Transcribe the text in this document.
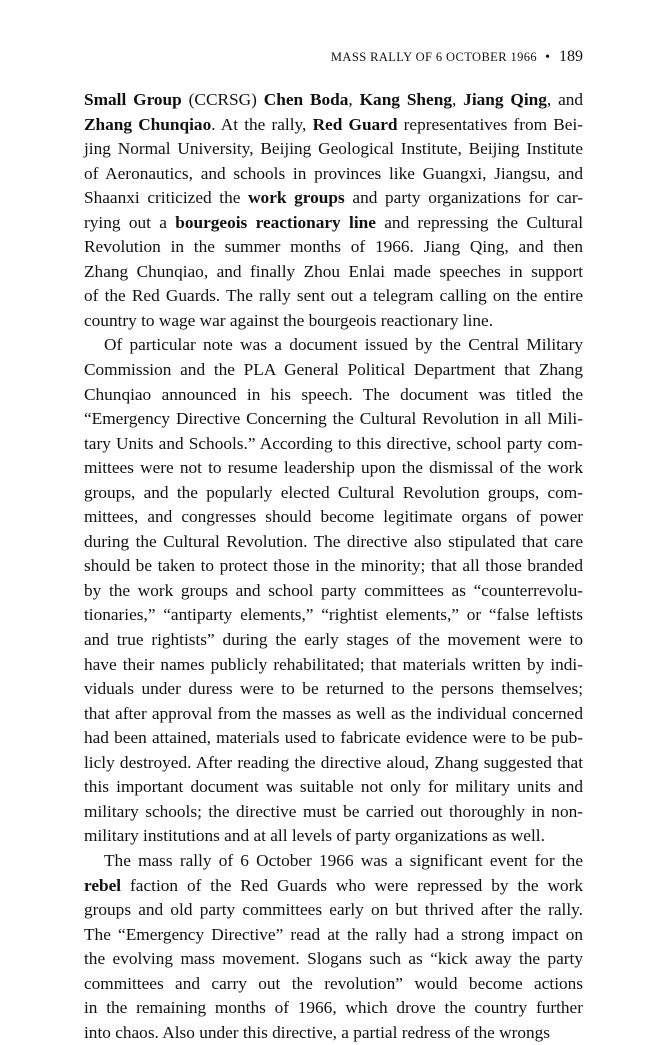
MASS RALLY OF 6 OCTOBER 1966 • 189
Small Group (CCRSG) Chen Boda, Kang Sheng, Jiang Qing, and
Zhang Chunqiao. At the rally, Red Guard representatives from Bei-
jing Normal University, Beijing Geological Institute, Beijing Institute
of Aeronautics, and schools in provinces like Guangxi, Jiangsu, and
Shaanxi criticized the work groups and party organizations for car-
rying out a bourgeois reactionary line and repressing the Cultural
Revolution in the summer months of 1966. Jiang Qing, and then
Zhang Chunqiao, and finally Zhou Enlai made speeches in support
of the Red Guards. The rally sent out a telegram calling on the entire
country to wage war against the bourgeois reactionary line.
Of particular note was a document issued by the Central Military
Commission and the PLA General Political Department that Zhang
Chunqiao announced in his speech. The document was titled the
“Emergency Directive Concerning the Cultural Revolution in all Mili-
tary Units and Schools.” According to this directive, school party com-
mittees were not to resume leadership upon the dismissal of the work
groups, and the popularly elected Cultural Revolution groups, com-
mittees, and congresses should become legitimate organs of power
during the Cultural Revolution. The directive also stipulated that care
should be taken to protect those in the minority; that all those branded
by the work groups and school party committees as “counterrevolu-
tionaries,” “antiparty elements,” “rightist elements,” or “false leftists
and true rightists” during the early stages of the movement were to
have their names publicly rehabilitated; that materials written by indi-
viduals under duress were to be returned to the persons themselves;
that after approval from the masses as well as the individual concerned
had been attained, materials used to fabricate evidence were to be pub-
licly destroyed. After reading the directive aloud, Zhang suggested that
this important document was suitable not only for military units and
military schools; the directive must be carried out thoroughly in non-
military institutions and at all levels of party organizations as well.
The mass rally of 6 October 1966 was a significant event for the
rebel faction of the Red Guards who were repressed by the work
groups and old party committees early on but thrived after the rally.
The “Emergency Directive” read at the rally had a strong impact on
the evolving mass movement. Slogans such as “kick away the party
committees and carry out the revolution” would become actions
in the remaining months of 1966, which drove the country further
into chaos. Also under this directive, a partial redress of the wrongs
